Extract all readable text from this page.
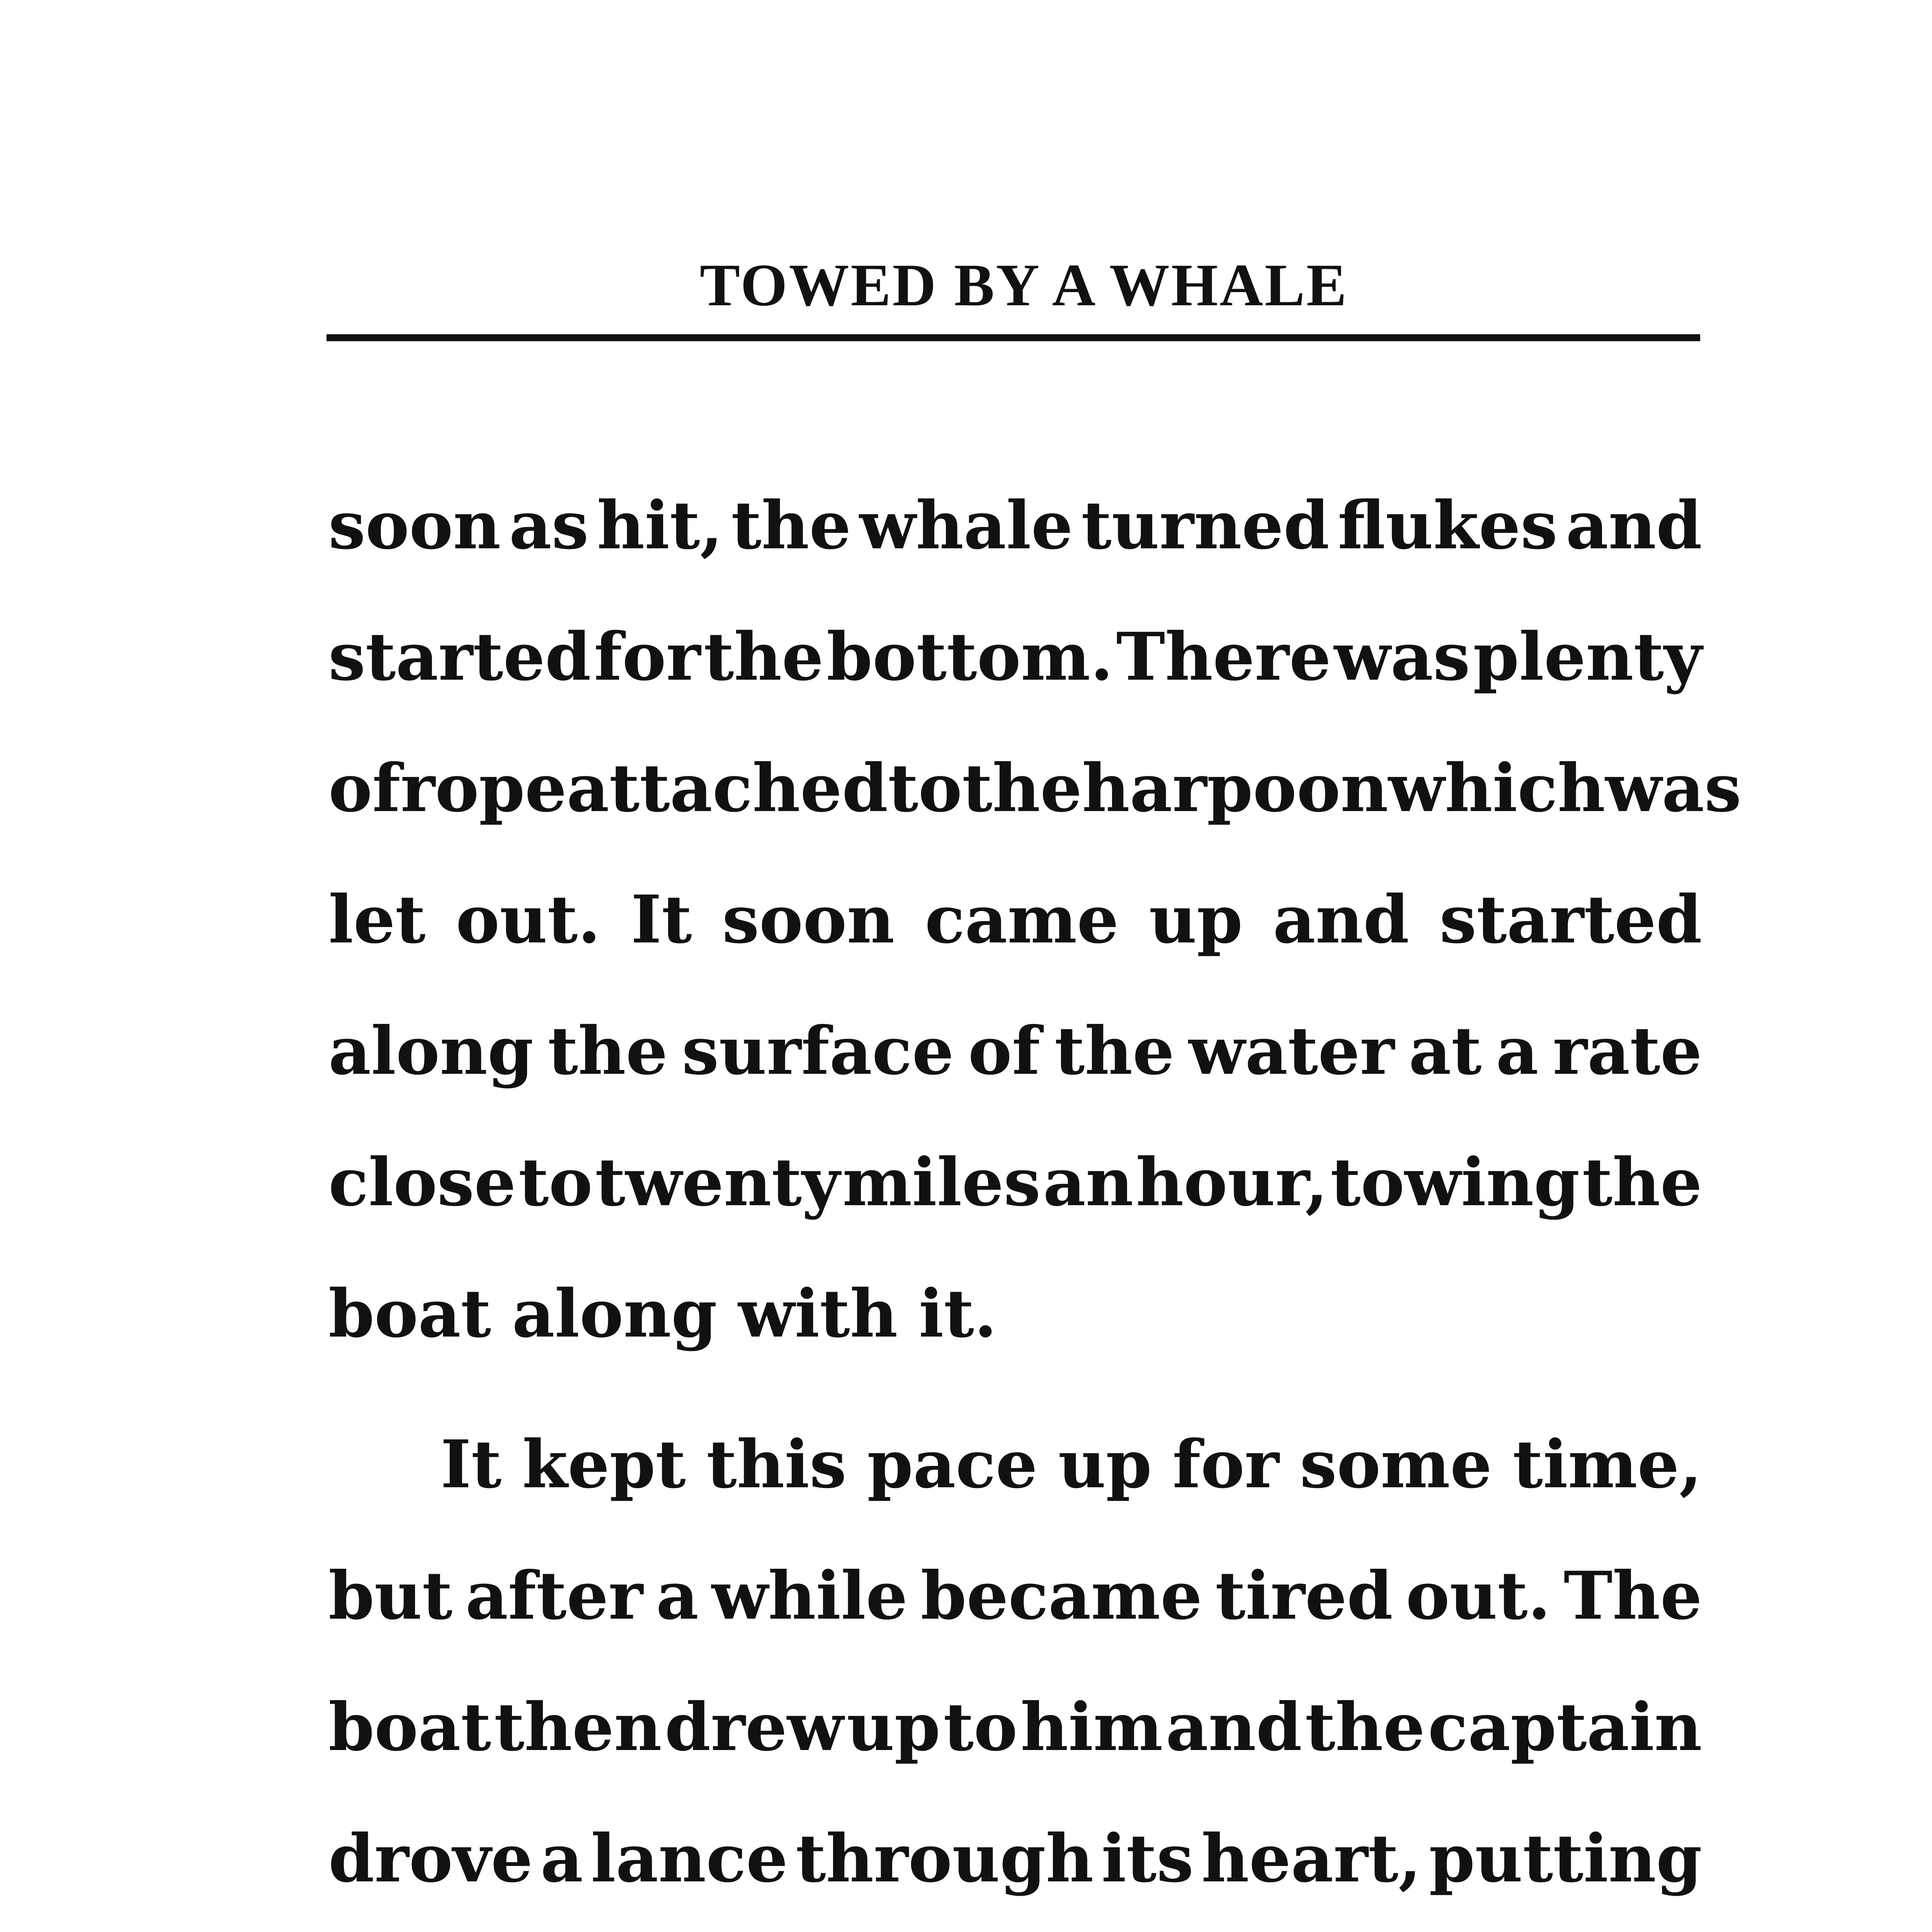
TOWED BY A WHALE
soon as hit, the whale turned flukes and
started for the bottom. There was plenty
of rope attached to the harpoon which was
let out. It soon came up and started
along the surface of the water at a rate
close to twenty miles an hour, towing the
boat along with it.
It kept this pace up for some time,
but after a while became tired out. The
boat then drew up to him and the captain
drove a lance through its heart, putting
